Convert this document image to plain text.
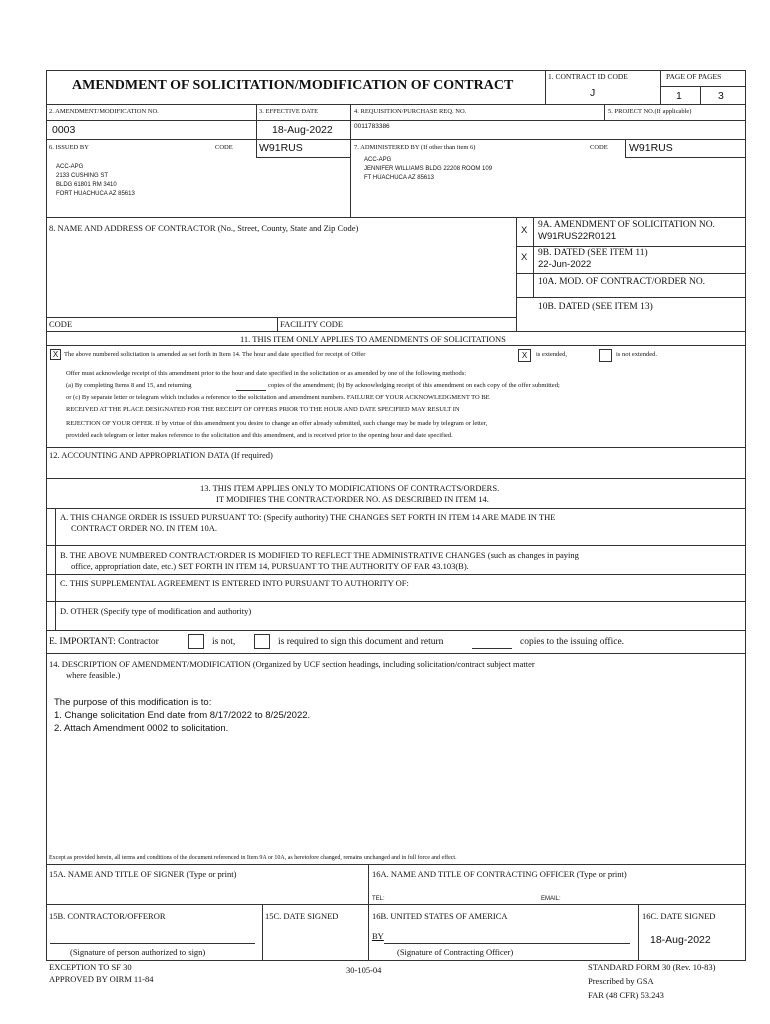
AMENDMENT OF SOLICITATION/MODIFICATION OF CONTRACT
1. CONTRACT ID CODE
J
PAGE OF PAGES
1	3
2. AMENDMENT/MODIFICATION NO.
0003
3. EFFECTIVE DATE
18-Aug-2022
4. REQUISITION/PURCHASE REQ. NO.
0011783386
5. PROJECT NO.(If applicable)
6. ISSUED BY	CODE	W91RUS
ACC-APG
2133 CUSHING ST
BLDG 61801 RM 3410
FORT HUACHUCA AZ 85613
7. ADMINISTERED BY (If other than item 6)	CODE W91RUS
ACC-APG
JENNIFER WILLIAMS BLDG 22208 ROOM 109
FT HUACHUCA AZ 85613
8. NAME AND ADDRESS OF CONTRACTOR (No., Street, County, State and Zip Code)
CODE	FACILITY CODE
X 9A. AMENDMENT OF SOLICITATION NO.
W91RUS22R0121
X 9B. DATED (SEE ITEM 11)
22-Jun-2022
10A. MOD. OF CONTRACT/ORDER NO.
10B. DATED (SEE ITEM 13)
11. THIS ITEM ONLY APPLIES TO AMENDMENTS OF SOLICITATIONS
X The above numbered solicitation is amended as set forth in Item 14. The hour and date specified for receipt of Offer	X	is extended,	is not extended.
Offer must acknowledge receipt of this amendment prior to the hour and date specified in the solicitation or as amended by one of the following methods:
(a) By completing Items 8 and 15, and returning	copies of the amendment; (b) By acknowledging receipt of this amendment on each copy of the offer submitted;
or (c) By separate letter or telegram which includes a reference to the solicitation and amendment numbers. FAILURE OF YOUR ACKNOWLEDGMENT TO BE
RECEIVED AT THE PLACE DESIGNATED FOR THE RECEIPT OF OFFERS PRIOR TO THE HOUR AND DATE SPECIFIED MAY RESULT IN
REJECTION OF YOUR OFFER. If by virtue of this amendment you desire to change an offer already submitted, such change may be made by telegram or letter,
provided each telegram or letter makes reference to the solicitation and this amendment, and is received prior to the opening hour and date specified.
12. ACCOUNTING AND APPROPRIATION DATA (If required)
13. THIS ITEM APPLIES ONLY TO MODIFICATIONS OF CONTRACTS/ORDERS.
IT MODIFIES THE CONTRACT/ORDER NO. AS DESCRIBED IN ITEM 14.
A. THIS CHANGE ORDER IS ISSUED PURSUANT TO: (Specify authority) THE CHANGES SET FORTH IN ITEM 14 ARE MADE IN THE
CONTRACT ORDER NO. IN ITEM 10A.
B. THE ABOVE NUMBERED CONTRACT/ORDER IS MODIFIED TO REFLECT THE ADMINISTRATIVE CHANGES (such as changes in paying
office, appropriation date, etc.) SET FORTH IN ITEM 14, PURSUANT TO THE AUTHORITY OF FAR 43.103(B).
C. THIS SUPPLEMENTAL AGREEMENT IS ENTERED INTO PURSUANT TO AUTHORITY OF:
D. OTHER (Specify type of modification and authority)
E. IMPORTANT: Contractor	is not,	is required to sign this document and return	copies to the issuing office.
14. DESCRIPTION OF AMENDMENT/MODIFICATION (Organized by UCF section headings, including solicitation/contract subject matter
where feasible.)
The purpose of this modification is to:
1. Change solicitation End date from 8/17/2022 to 8/25/2022.
2. Attach Amendment 0002 to solicitation.
Except as provided herein, all terms and conditions of the document referenced in Item 9A or 10A, as heretofore changed, remains unchanged and in full force and effect.
15A. NAME AND TITLE OF SIGNER (Type or print)	16A. NAME AND TITLE OF CONTRACTING OFFICER (Type or print)
TEL:	EMAIL:
15B. CONTRACTOR/OFFEROR	15C. DATE SIGNED	16B. UNITED STATES OF AMERICA	16C. DATE SIGNED
BY	18-Aug-2022
(Signature of person authorized to sign)	(Signature of Contracting Officer)
EXCEPTION TO SF 30
APPROVED BY OIRM 11-84
30-105-04	STANDARD FORM 30 (Rev. 10-83)
Prescribed by GSA
FAR (48 CFR) 53.243
